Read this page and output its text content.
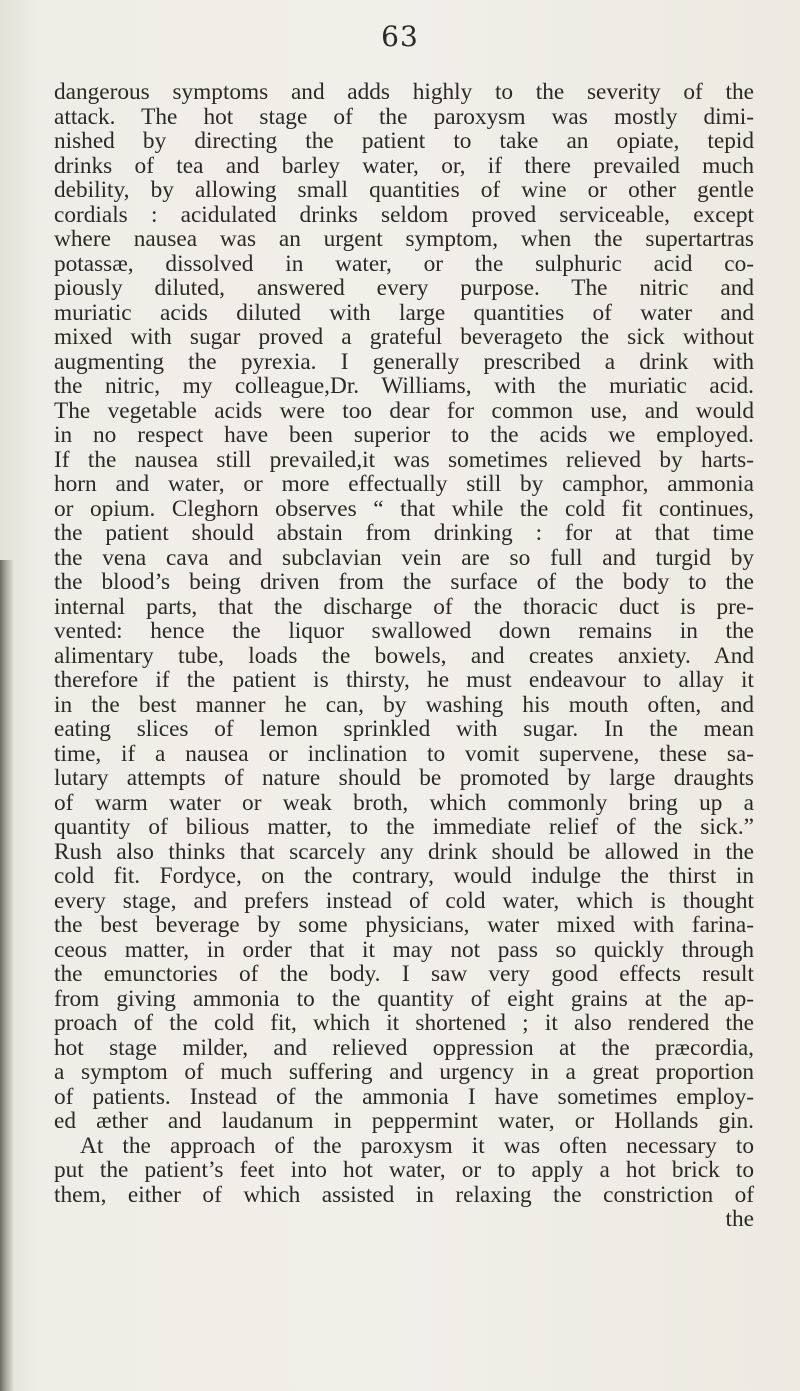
63
dangerous symptoms and adds highly to the severity of the
attack. The hot stage of the paroxysm was mostly dimi-
nished by directing the patient to take an opiate, tepid
drinks of tea and barley water, or, if there prevailed much
debility, by allowing small quantities of wine or other gentle
cordials : acidulated drinks seldom proved serviceable, except
where nausea was an urgent symptom, when the supertartras
potassæ, dissolved in water, or the sulphuric acid co-
piously diluted, answered every purpose. The nitric and
muriatic acids diluted with large quantities of water and
mixed with sugar proved a grateful beverageto the sick without
augmenting the pyrexia. I generally prescribed a drink with
the nitric, my colleague,Dr. Williams, with the muriatic acid.
The vegetable acids were too dear for common use, and would
in no respect have been superior to the acids we employed.
If the nausea still prevailed,it was sometimes relieved by harts-
horn and water, or more effectually still by camphor, ammonia
or opium. Cleghorn observes “ that while the cold fit continues,
the patient should abstain from drinking : for at that time
the vena cava and subclavian vein are so full and turgid by
the blood’s being driven from the surface of the body to the
internal parts, that the discharge of the thoracic duct is pre-
vented: hence the liquor swallowed down remains in the
alimentary tube, loads the bowels, and creates anxiety. And
therefore if the patient is thirsty, he must endeavour to allay it
in the best manner he can, by washing his mouth often, and
eating slices of lemon sprinkled with sugar. In the mean
time, if a nausea or inclination to vomit supervene, these sa-
lutary attempts of nature should be promoted by large draughts
of warm water or weak broth, which commonly bring up a
quantity of bilious matter, to the immediate relief of the sick.”
Rush also thinks that scarcely any drink should be allowed in the
cold fit. Fordyce, on the contrary, would indulge the thirst in
every stage, and prefers instead of cold water, which is thought
the best beverage by some physicians, water mixed with farina-
ceous matter, in order that it may not pass so quickly through
the emunctories of the body. I saw very good effects result
from giving ammonia to the quantity of eight grains at the ap-
proach of the cold fit, which it shortened ; it also rendered the
hot stage milder, and relieved oppression at the præcordia,
a symptom of much suffering and urgency in a great proportion
of patients. Instead of the ammonia I have sometimes employ-
ed æther and laudanum in peppermint water, or Hollands gin.
At the approach of the paroxysm it was often necessary to
put the patient’s feet into hot water, or to apply a hot brick to
them, either of which assisted in relaxing the constriction of
the
